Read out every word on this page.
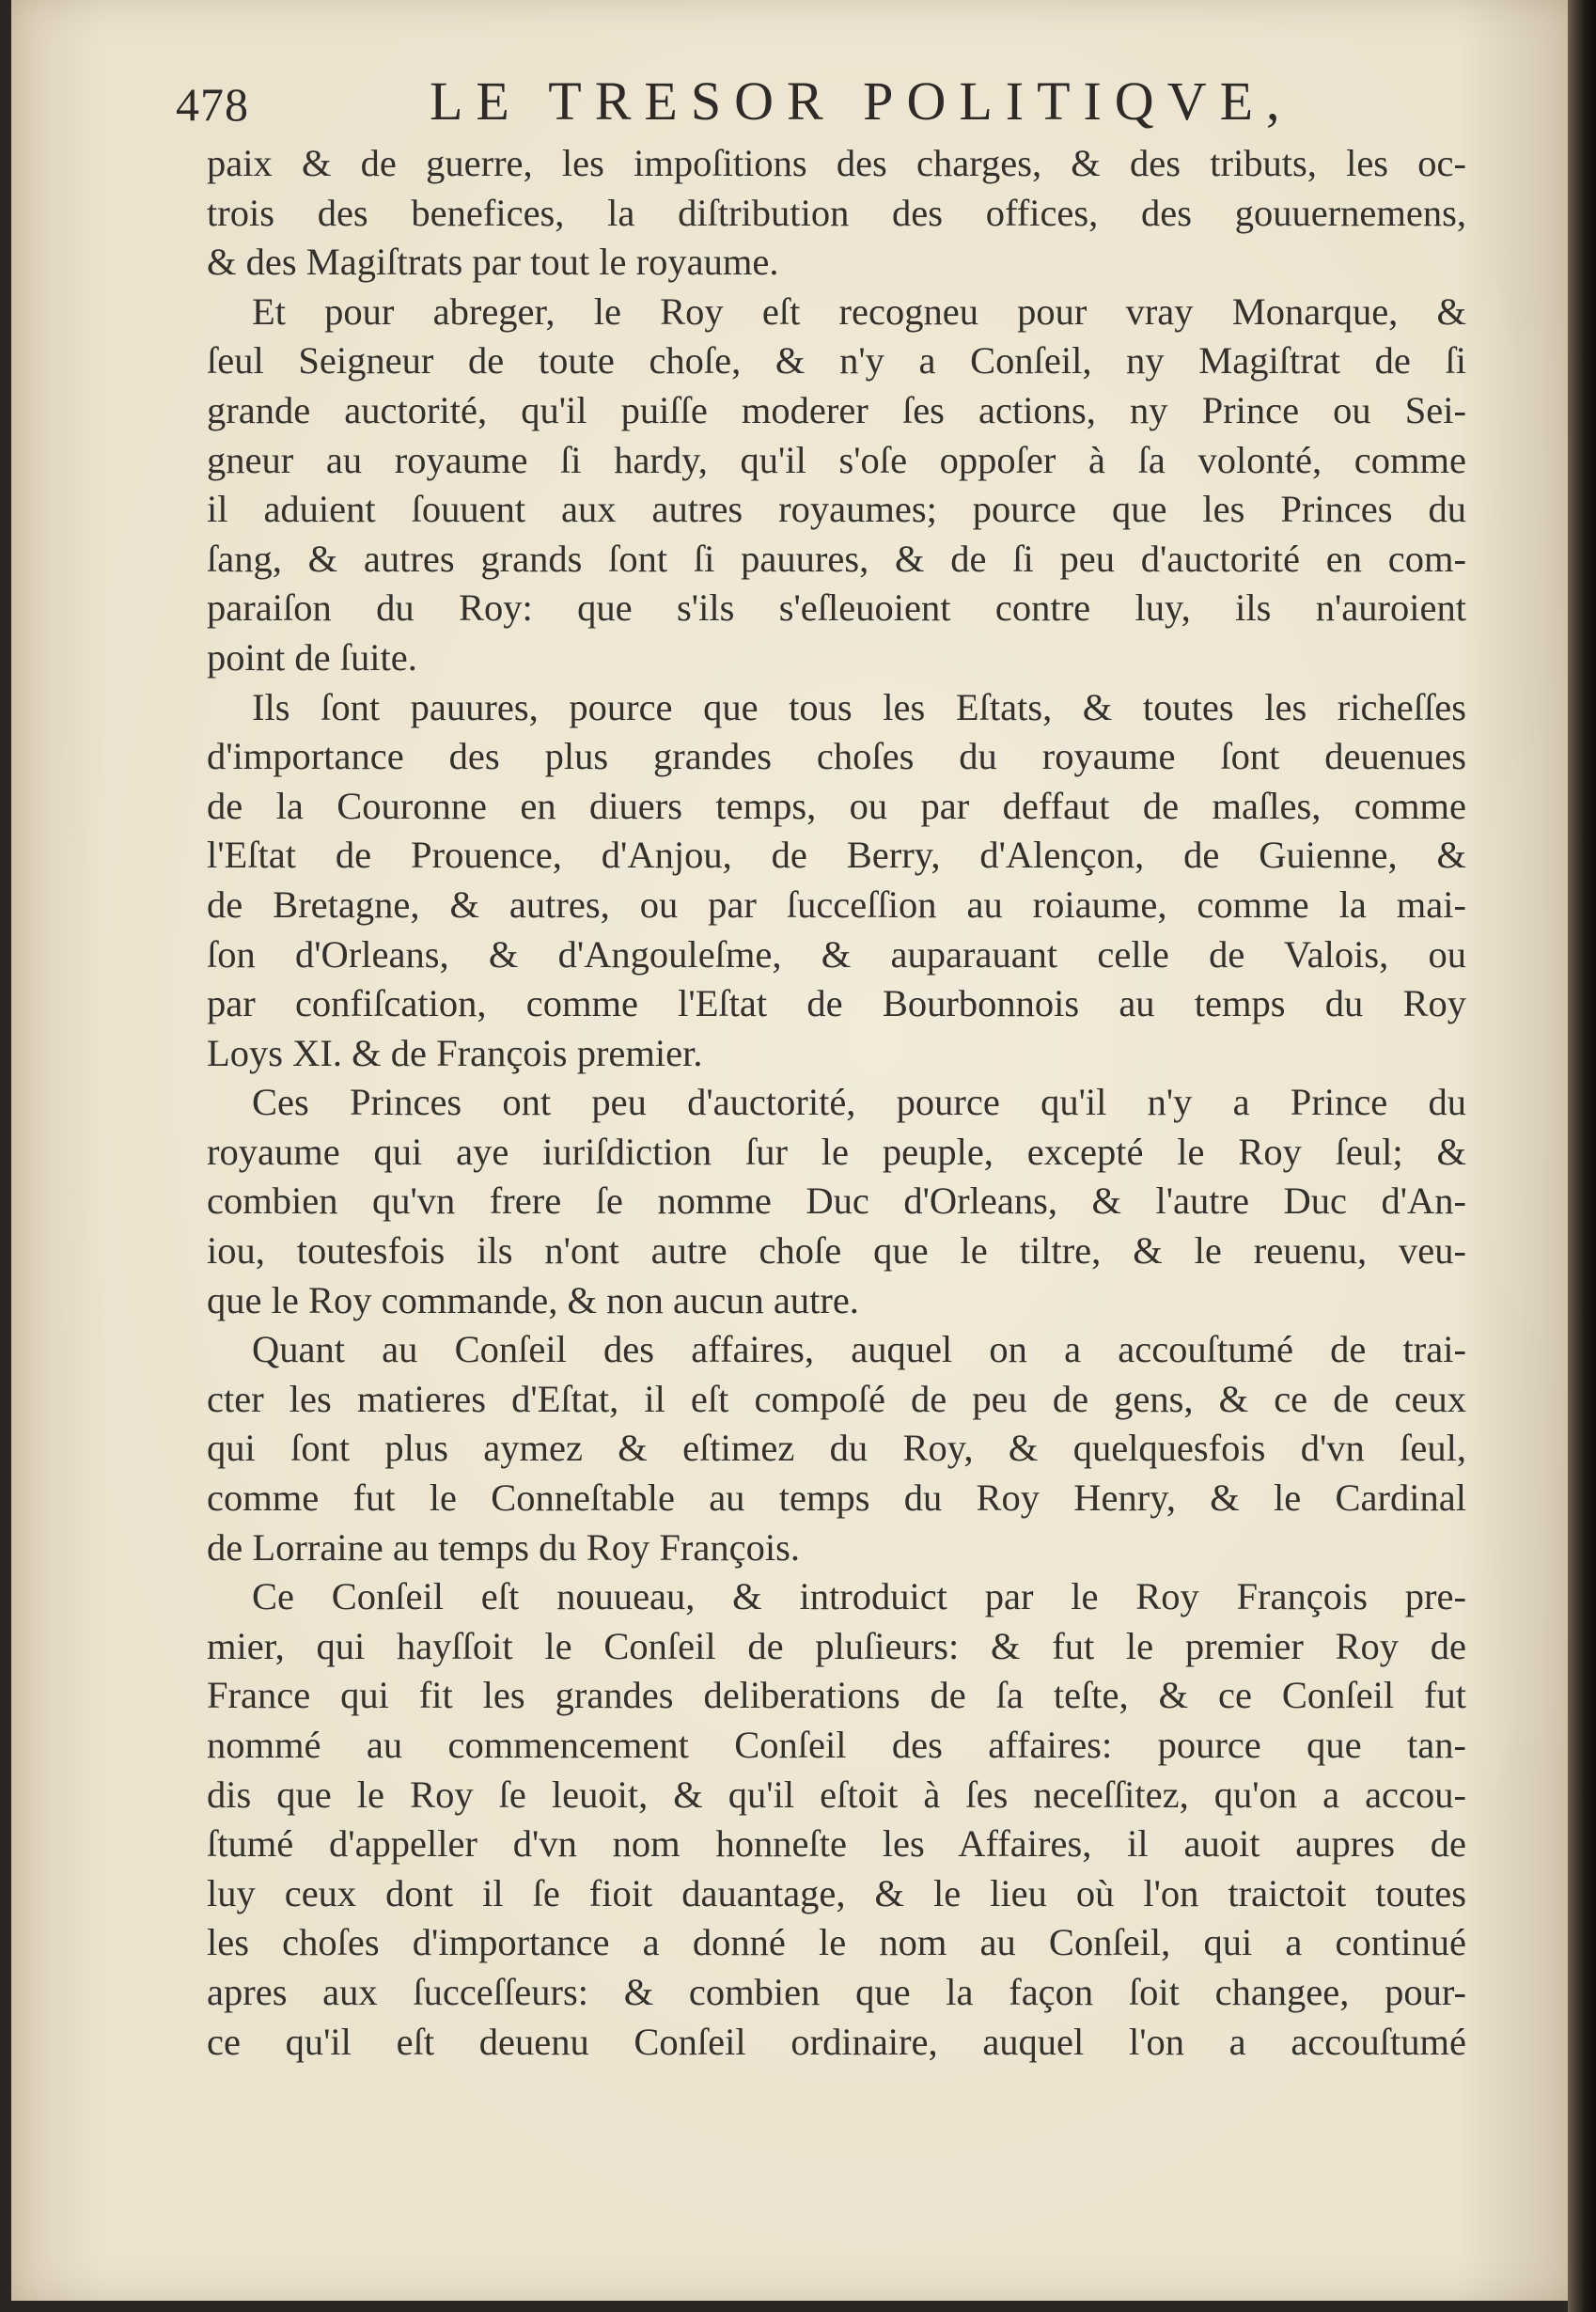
478	LE TRESOR POLITIQVE,
paix & de guerre, les impoſitions des charges, & des tributs, les oc-
trois des benefices, la diſtribution des offices, des gouuernemens,
& des Magiſtrats par tout le royaume.
Et pour abreger, le Roy eſt recogneu pour vray Monarque, &
ſeul Seigneur de toute choſe, & n'y a Conſeil, ny Magiſtrat de ſi
grande auctorité, qu'il puiſſe moderer ſes actions, ny Prince ou Sei-
gneur au royaume ſi hardy, qu'il s'oſe oppoſer à ſa volonté, comme
il aduient ſouuent aux autres royaumes; pource que les Princes du
ſang, & autres grands ſont ſi pauures, & de ſi peu d'auctorité en com-
paraiſon du Roy: que s'ils s'eſleuoient contre luy, ils n'auroient
point de ſuite.
Ils ſont pauures, pource que tous les Eſtats, & toutes les richeſſes
d'importance des plus grandes choſes du royaume ſont deuenues
de la Couronne en diuers temps, ou par deffaut de maſles, comme
l'Eſtat de Prouence, d'Anjou, de Berry, d'Alençon, de Guienne, &
de Bretagne, & autres, ou par ſucceſſion au roiaume, comme la mai-
ſon d'Orleans, & d'Angouleſme, & auparauant celle de Valois, ou
par confiſcation, comme l'Eſtat de Bourbonnois au temps du Roy
Loys XI. & de François premier.
Ces Princes ont peu d'auctorité, pource qu'il n'y a Prince du
royaume qui aye iuriſdiction ſur le peuple, excepté le Roy ſeul; &
combien qu'vn frere ſe nomme Duc d'Orleans, & l'autre Duc d'An-
iou, toutesfois ils n'ont autre choſe que le tiltre, & le reuenu, veu-
que le Roy commande, & non aucun autre.
Quant au Conſeil des affaires, auquel on a accouſtumé de trai-
cter les matieres d'Eſtat, il eſt compoſé de peu de gens, & ce de ceux
qui ſont plus aymez & eſtimez du Roy, & quelquesfois d'vn ſeul,
comme fut le Conneſtable au temps du Roy Henry, & le Cardinal
de Lorraine au temps du Roy François.
Ce Conſeil eſt nouueau, & introduict par le Roy François pre-
mier, qui hayſſoit le Conſeil de pluſieurs: & fut le premier Roy de
France qui fit les grandes deliberations de ſa teſte, & ce Conſeil fut
nommé au commencement Conſeil des affaires: pource que tan-
dis que le Roy ſe leuoit, & qu'il eſtoit à ſes neceſſitez, qu'on a accou-
ſtumé d'appeller d'vn nom honneſte les Affaires, il auoit aupres de
luy ceux dont il ſe fioit dauantage, & le lieu où l'on traictoit toutes
les choſes d'importance a donné le nom au Conſeil, qui a continué
apres aux ſucceſſeurs: & combien que la façon ſoit changee, pour-
ce qu'il eſt deuenu Conſeil ordinaire, auquel l'on a accouſtumé
